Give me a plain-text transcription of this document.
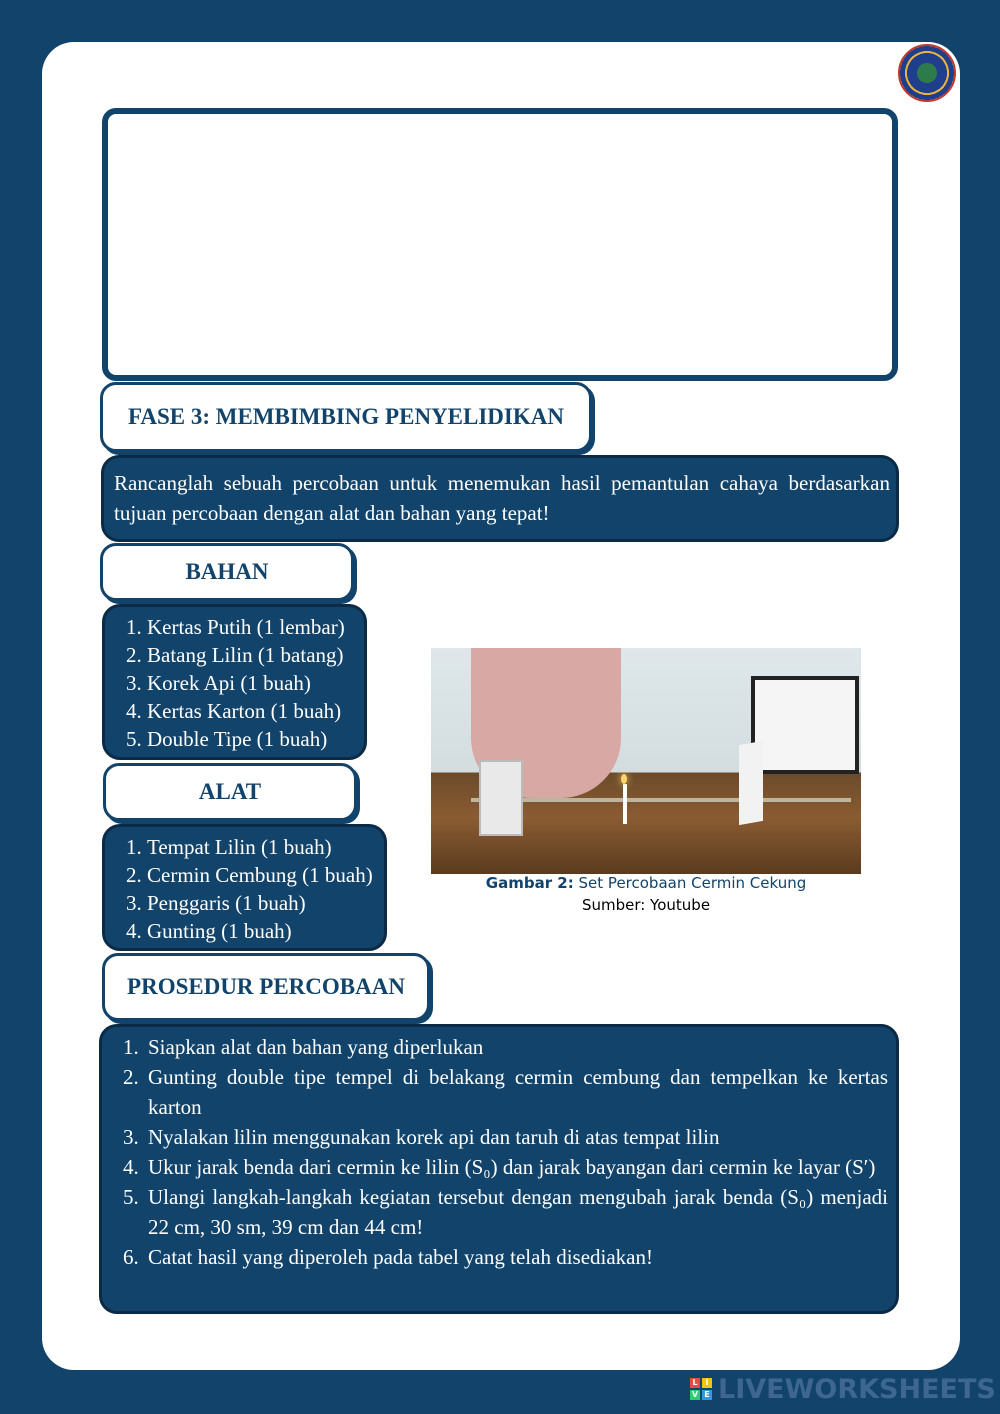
FASE 3: MEMBIMBING PENYELIDIKAN
Rancanglah sebuah percobaan untuk menemukan hasil pemantulan cahaya berdasarkan tujuan percobaan dengan alat dan bahan yang tepat!
BAHAN
1. Kertas Putih (1 lembar)
2. Batang Lilin (1 batang)
3. Korek Api (1 buah)
4. Kertas Karton (1 buah)
5. Double Tipe (1 buah)
ALAT
1. Tempat Lilin (1 buah)
2. Cermin Cembung (1 buah)
3. Penggaris (1 buah)
4. Gunting (1 buah)
Gambar 2: Set Percobaan Cermin Cekung
Sumber: Youtube
PROSEDUR PERCOBAAN
1. Siapkan alat dan bahan yang diperlukan
2. Gunting double tipe tempel di belakang cermin cembung dan tempelkan ke kertas karton
3. Nyalakan lilin menggunakan korek api dan taruh di atas tempat lilin
4. Ukur jarak benda dari cermin ke lilin (S₀) dan jarak bayangan dari cermin ke layar (S′)
5. Ulangi langkah-langkah kegiatan tersebut dengan mengubah jarak benda (S₀) menjadi 22 cm, 30 sm, 39 cm dan 44 cm!
6. Catat hasil yang diperoleh pada tabel yang telah disediakan!
L I
V E LIVEWORKSHEETS
